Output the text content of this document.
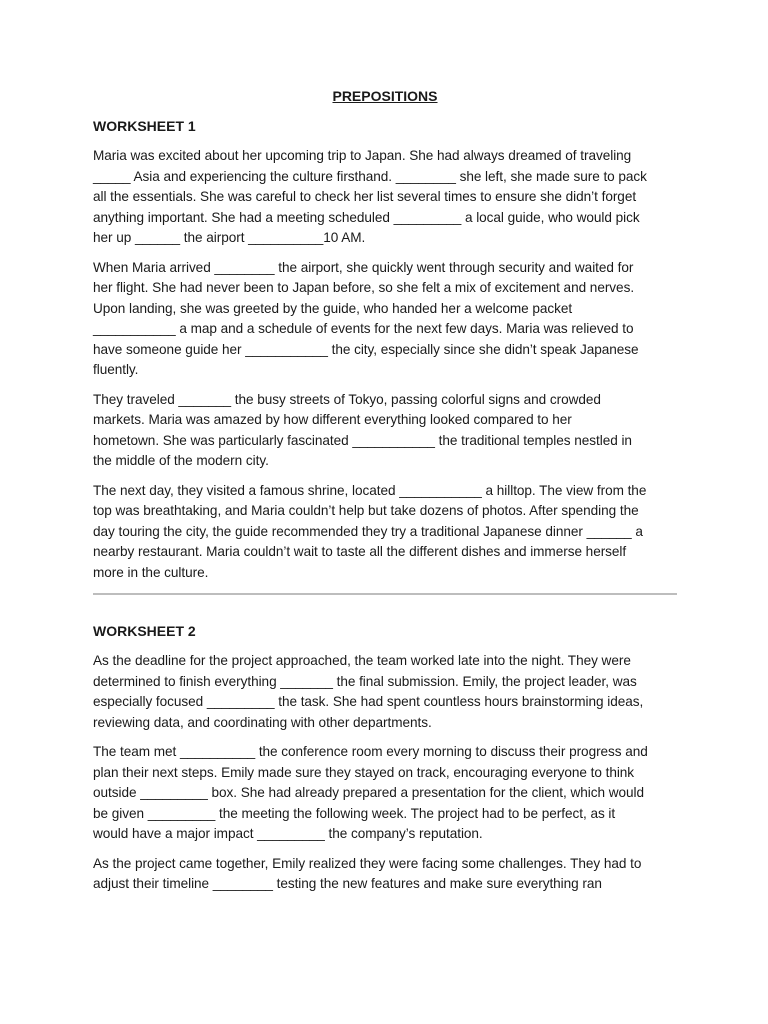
PREPOSITIONS
WORKSHEET 1

Maria was excited about her upcoming trip to Japan. She had always dreamed of traveling
_____ Asia and experiencing the culture firsthand. ________ she left, she made sure to pack
all the essentials. She was careful to check her list several times to ensure she didn’t forget
anything important. She had a meeting scheduled _________ a local guide, who would pick
her up ______ the airport __________10 AM.

When Maria arrived ________ the airport, she quickly went through security and waited for
her flight. She had never been to Japan before, so she felt a mix of excitement and nerves.
Upon landing, she was greeted by the guide, who handed her a welcome packet
___________ a map and a schedule of events for the next few days. Maria was relieved to
have someone guide her ___________ the city, especially since she didn’t speak Japanese
fluently.

They traveled _______ the busy streets of Tokyo, passing colorful signs and crowded
markets. Maria was amazed by how different everything looked compared to her
hometown. She was particularly fascinated ___________ the traditional temples nestled in
the middle of the modern city.

The next day, they visited a famous shrine, located ___________ a hilltop. The view from the
top was breathtaking, and Maria couldn’t help but take dozens of photos. After spending the
day touring the city, the guide recommended they try a traditional Japanese dinner ______ a
nearby restaurant. Maria couldn’t wait to taste all the different dishes and immerse herself
more in the culture.

WORKSHEET 2

As the deadline for the project approached, the team worked late into the night. They were
determined to finish everything _______ the final submission. Emily, the project leader, was
especially focused _________ the task. She had spent countless hours brainstorming ideas,
reviewing data, and coordinating with other departments.

The team met __________ the conference room every morning to discuss their progress and
plan their next steps. Emily made sure they stayed on track, encouraging everyone to think
outside _________ box. She had already prepared a presentation for the client, which would
be given _________ the meeting the following week. The project had to be perfect, as it
would have a major impact _________ the company’s reputation.

As the project came together, Emily realized they were facing some challenges. They had to
adjust their timeline ________ testing the new features and make sure everything ran
